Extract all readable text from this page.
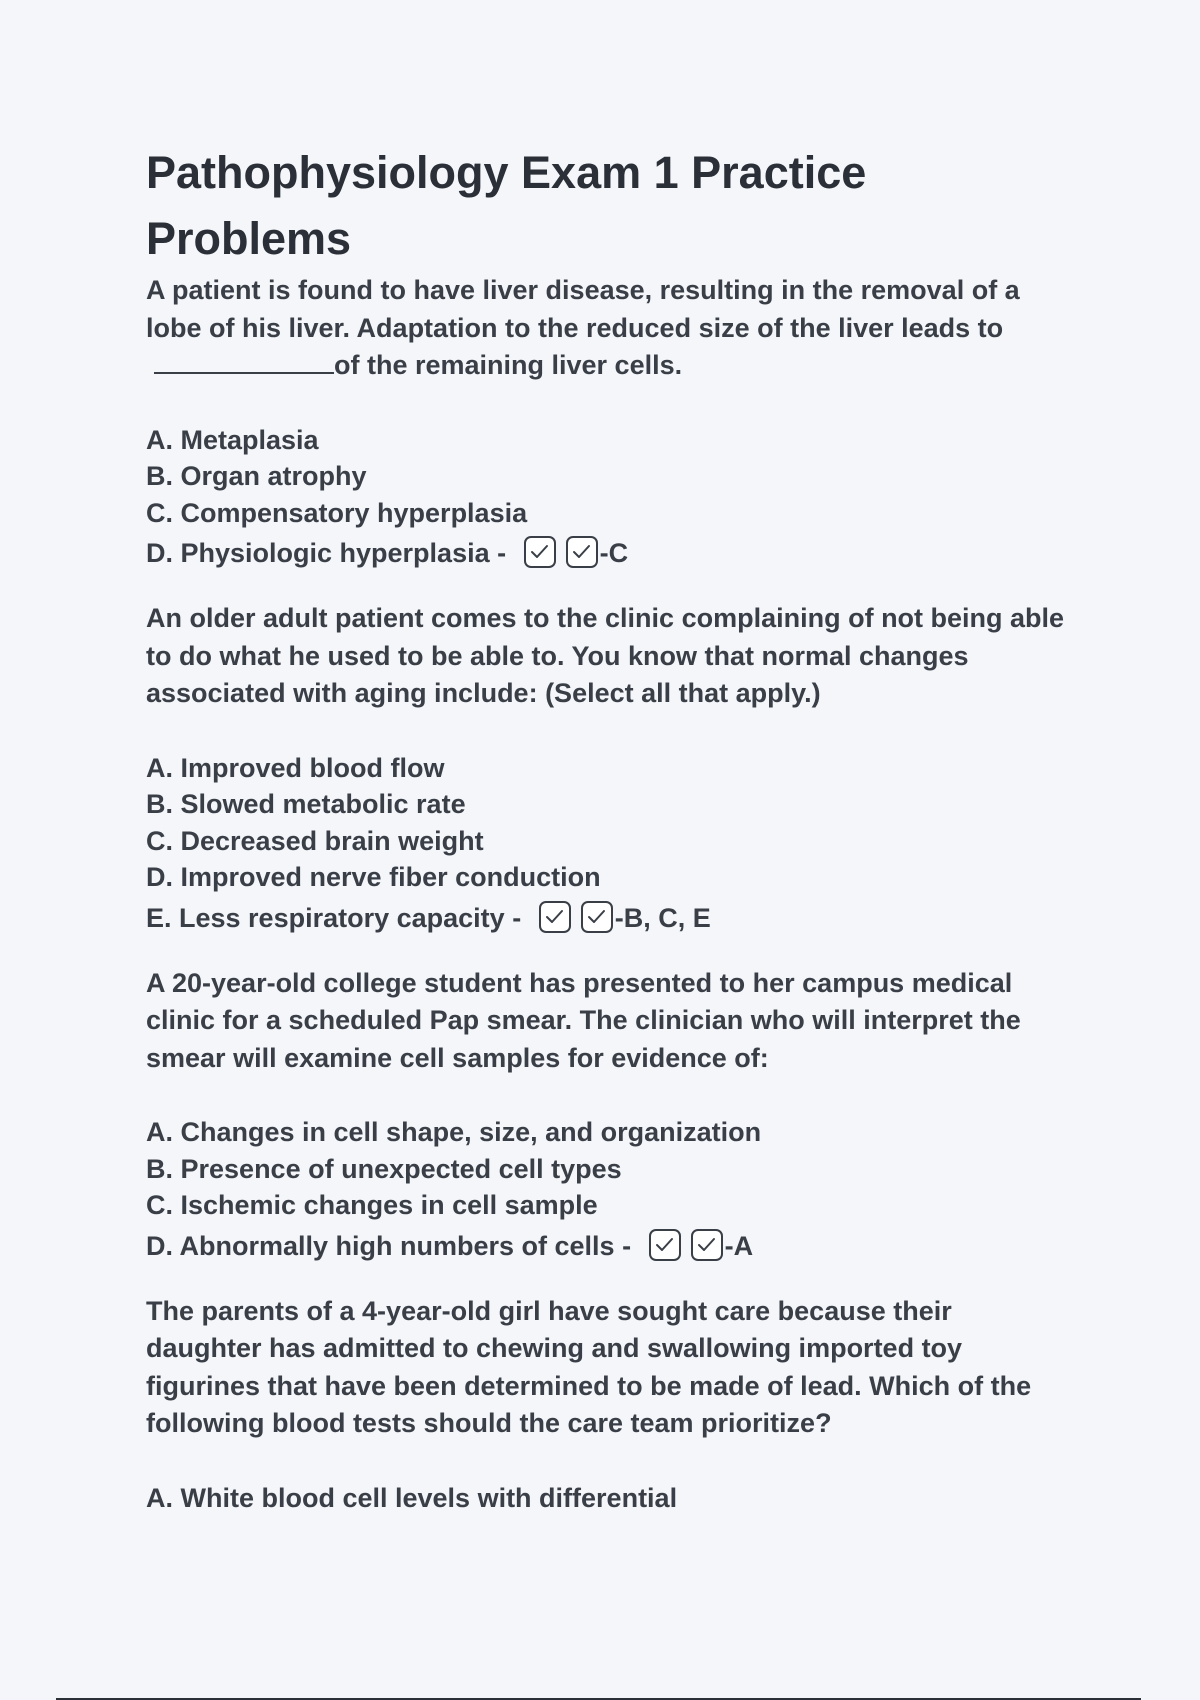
Pathophysiology Exam 1 Practice Problems

A patient is found to have liver disease, resulting in the removal of a lobe of his liver. Adaptation to the reduced size of the liver leads toof the remaining liver cells.

A. Metaplasia
B. Organ atrophy
C. Compensatory hyperplasia
D. Physiologic hyperplasia -	-C

An older adult patient comes to the clinic complaining of not being able to do what he used to be able to. You know that normal changes associated with aging include: (Select all that apply.)

A. Improved blood flow
B. Slowed metabolic rate
C. Decreased brain weight
D. Improved nerve fiber conduction
E. Less respiratory capacity -	-B, C, E

A 20-year-old college student has presented to her campus medical clinic for a scheduled Pap smear. The clinician who will interpret the smear will examine cell samples for evidence of:

A. Changes in cell shape, size, and organization
B. Presence of unexpected cell types
C. Ischemic changes in cell sample
D. Abnormally high numbers of cells -	-A

The parents of a 4-year-old girl have sought care because their daughter has admitted to chewing and swallowing imported toy figurines that have been determined to be made of lead. Which of the following blood tests should the care team prioritize?

A. White blood cell levels with differential
